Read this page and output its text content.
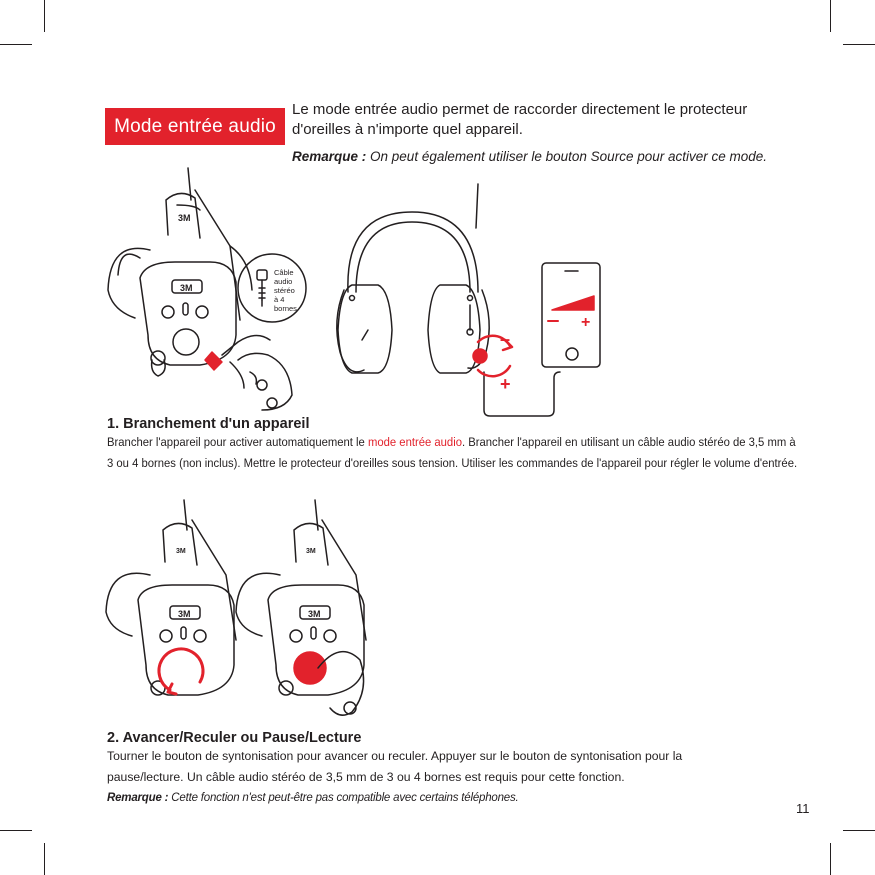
Mode entrée audio
Le mode entrée audio permet de raccorder directement le protecteur
d'oreilles à n'importe quel appareil.
Remarque : On peut également utiliser le bouton Source pour activer ce mode.
3M
3M
Câble audio stéréo à 4 bornes
–
+
+
1. Branchement d'un appareil
Brancher l'appareil pour activer automatiquement le mode entrée audio. Brancher l'appareil en utilisant un câble audio stéréo de 3,5 mm à
3 ou 4 bornes (non inclus). Mettre le protecteur d'oreilles sous tension. Utiliser les commandes de l'appareil pour régler le volume d'entrée.
3M
3M
3M
3M
2. Avancer/Reculer ou Pause/Lecture
Tourner le bouton de syntonisation pour avancer ou reculer. Appuyer sur le bouton de syntonisation pour la
pause/lecture. Un câble audio stéréo de 3,5 mm de 3 ou 4 bornes est requis pour cette fonction.
Remarque : Cette fonction n'est peut-être pas compatible avec certains téléphones.
11
